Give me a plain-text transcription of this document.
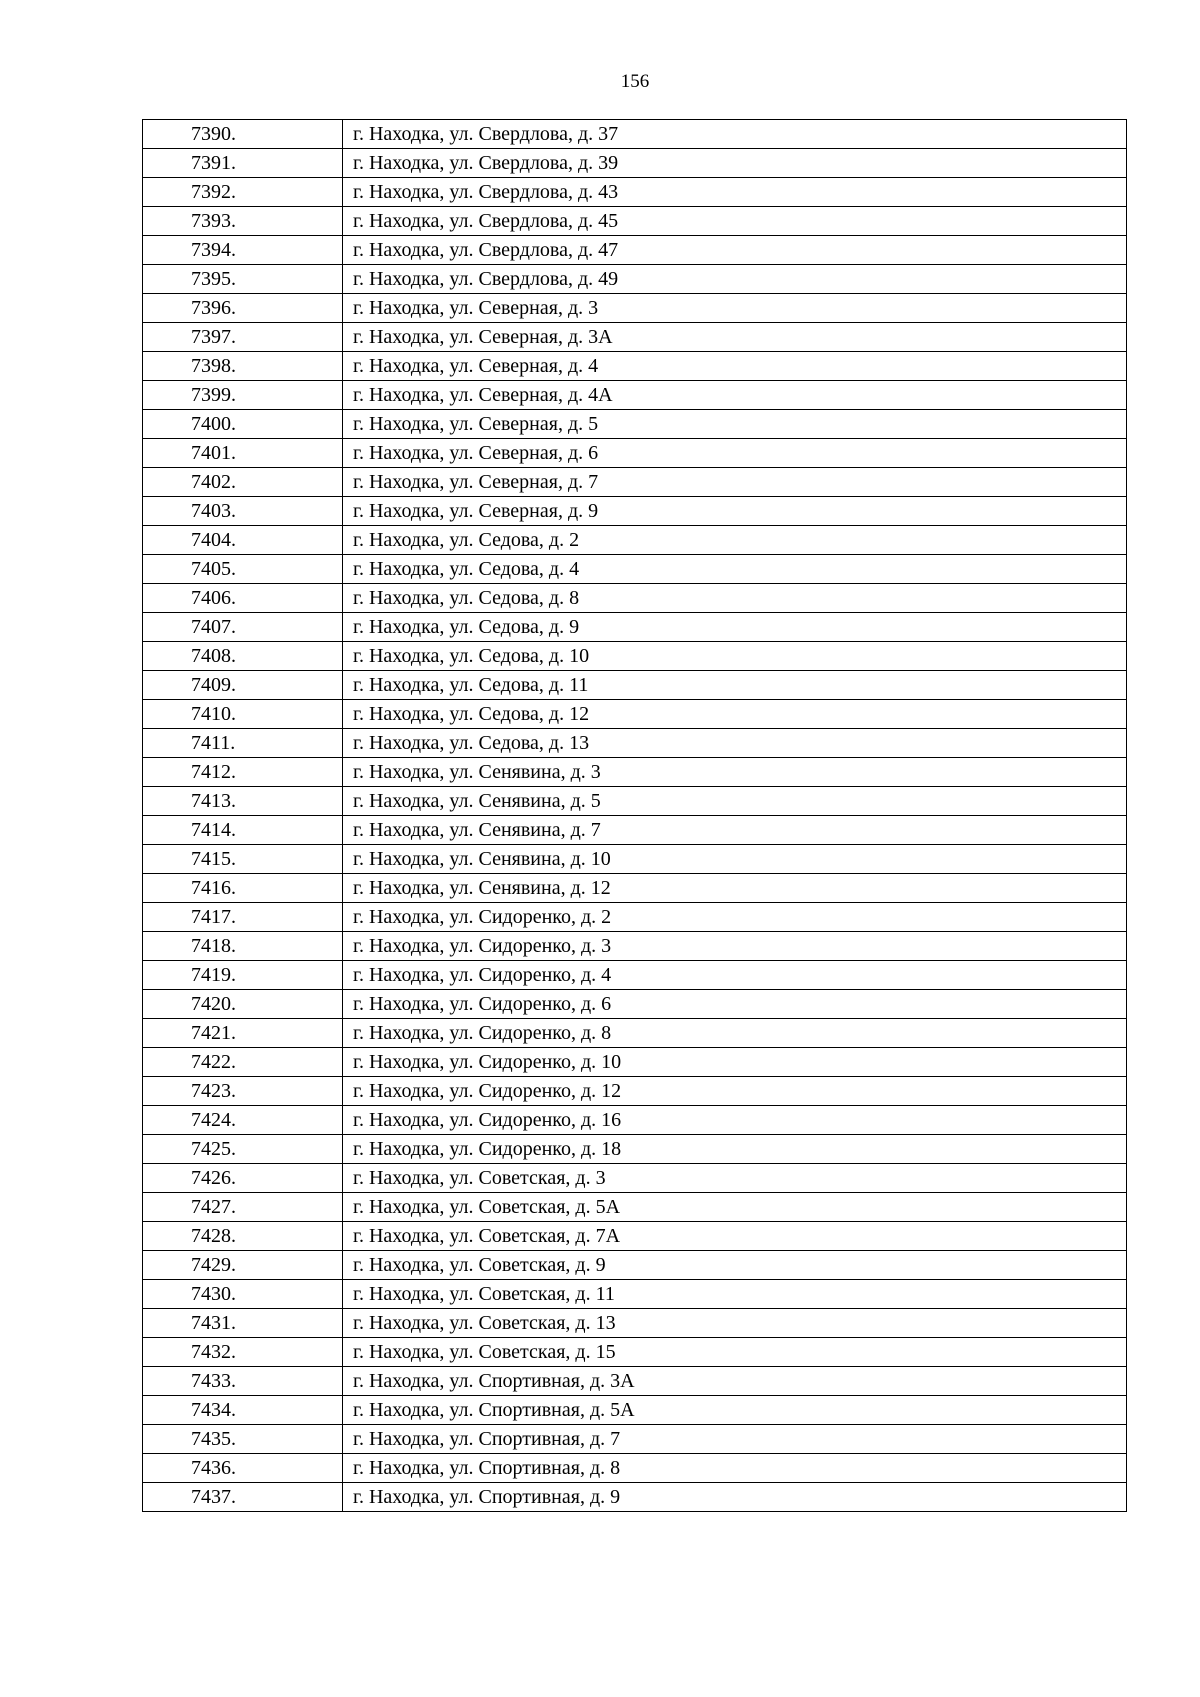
156
7390.	г. Находка, ул. Свердлова, д. 37
7391.	г. Находка, ул. Свердлова, д. 39
7392.	г. Находка, ул. Свердлова, д. 43
7393.	г. Находка, ул. Свердлова, д. 45
7394.	г. Находка, ул. Свердлова, д. 47
7395.	г. Находка, ул. Свердлова, д. 49
7396.	г. Находка, ул. Северная, д. 3
7397.	г. Находка, ул. Северная, д. 3А
7398.	г. Находка, ул. Северная, д. 4
7399.	г. Находка, ул. Северная, д. 4А
7400.	г. Находка, ул. Северная, д. 5
7401.	г. Находка, ул. Северная, д. 6
7402.	г. Находка, ул. Северная, д. 7
7403.	г. Находка, ул. Северная, д. 9
7404.	г. Находка, ул. Седова, д. 2
7405.	г. Находка, ул. Седова, д. 4
7406.	г. Находка, ул. Седова, д. 8
7407.	г. Находка, ул. Седова, д. 9
7408.	г. Находка, ул. Седова, д. 10
7409.	г. Находка, ул. Седова, д. 11
7410.	г. Находка, ул. Седова, д. 12
7411.	г. Находка, ул. Седова, д. 13
7412.	г. Находка, ул. Сенявина, д. 3
7413.	г. Находка, ул. Сенявина, д. 5
7414.	г. Находка, ул. Сенявина, д. 7
7415.	г. Находка, ул. Сенявина, д. 10
7416.	г. Находка, ул. Сенявина, д. 12
7417.	г. Находка, ул. Сидоренко, д. 2
7418.	г. Находка, ул. Сидоренко, д. 3
7419.	г. Находка, ул. Сидоренко, д. 4
7420.	г. Находка, ул. Сидоренко, д. 6
7421.	г. Находка, ул. Сидоренко, д. 8
7422.	г. Находка, ул. Сидоренко, д. 10
7423.	г. Находка, ул. Сидоренко, д. 12
7424.	г. Находка, ул. Сидоренко, д. 16
7425.	г. Находка, ул. Сидоренко, д. 18
7426.	г. Находка, ул. Советская, д. 3
7427.	г. Находка, ул. Советская, д. 5А
7428.	г. Находка, ул. Советская, д. 7А
7429.	г. Находка, ул. Советская, д. 9
7430.	г. Находка, ул. Советская, д. 11
7431.	г. Находка, ул. Советская, д. 13
7432.	г. Находка, ул. Советская, д. 15
7433.	г. Находка, ул. Спортивная, д. 3А
7434.	г. Находка, ул. Спортивная, д. 5А
7435.	г. Находка, ул. Спортивная, д. 7
7436.	г. Находка, ул. Спортивная, д. 8
7437.	г. Находка, ул. Спортивная, д. 9
